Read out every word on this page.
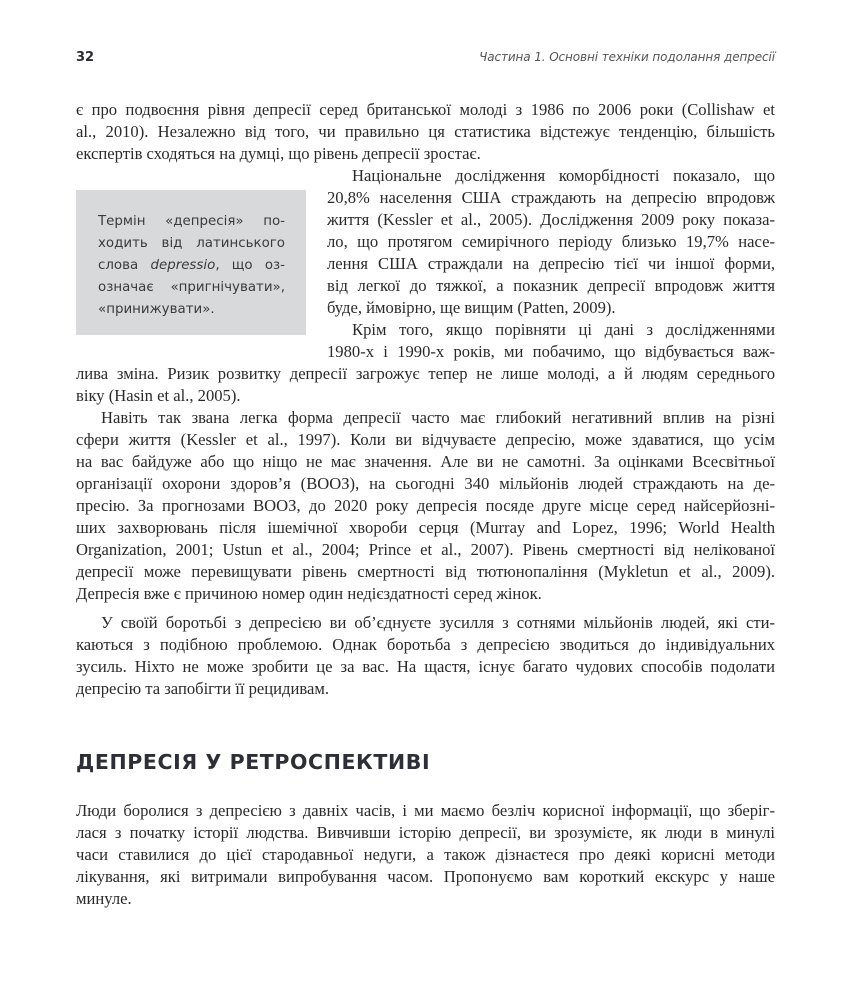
32	Частина 1. Основні техніки подолання депресії
є про подвоєння рівня депресії серед британської молоді з 1986 по 2006 роки (Collishaw et
al., 2010). Незалежно від того, чи правильно ця статистика відстежує тенденцію, більшість
експертів сходяться на думці, що рівень депресії зростає.
Термін «депресія» по-
ходить від латинського
слова depressio, що оз-
означає «пригнічувати»,
«принижувати».
Національне дослідження коморбідності показало, що
20,8% населення США страждають на депресію впродовж
життя (Kessler et al., 2005). Дослідження 2009 року показа-
ло, що протягом семирічного періоду близько 19,7% насе-
лення США страждали на депресію тієї чи іншої форми,
від легкої до тяжкої, а показник депресії впродовж життя
буде, ймовірно, ще вищим (Patten, 2009).
Крім того, якщо порівняти ці дані з дослідженнями
1980-х і 1990-х років, ми побачимо, що відбувається важ-
лива зміна. Ризик розвитку депресії загрожує тепер не лише молоді, а й людям середнього
віку (Hasin et al., 2005).
Навіть так звана легка форма депресії часто має глибокий негативний вплив на різні
сфери життя (Kessler et al., 1997). Коли ви відчуваєте депресію, може здаватися, що усім
на вас байдуже або що ніщо не має значення. Але ви не самотні. За оцінками Всесвітньої
організації охорони здоров’я (ВООЗ), на сьогодні 340 мільйонів людей страждають на де-
пресію. За прогнозами ВООЗ, до 2020 року депресія посяде друге місце серед найсерйозні-
ших захворювань після ішемічної хвороби серця (Murray and Lopez, 1996; World Health
Organization, 2001; Ustun et al., 2004; Prince et al., 2007). Рівень смертності від нелікованої
депресії може перевищувати рівень смертності від тютюнопаління (Mykletun et al., 2009).
Депресія вже є причиною номер один недієздатності серед жінок.
У своїй боротьбі з депресією ви об’єднуєте зусилля з сотнями мільйонів людей, які сти-
каються з подібною проблемою. Однак боротьба з депресією зводиться до індивідуальних
зусиль. Ніхто не може зробити це за вас. На щастя, існує багато чудових способів подолати
депресію та запобігти її рецидивам.
ДЕПРЕСІЯ У РЕТРОСПЕКТИВІ
Люди боролися з депресією з давніх часів, і ми маємо безліч корисної інформації, що зберіг-
лася з початку історії людства. Вивчивши історію депресії, ви зрозумієте, як люди в минулі
часи ставилися до цієї стародавньої недуги, а також дізнаєтеся про деякі корисні методи
лікування, які витримали випробування часом. Пропонуємо вам короткий екскурс у наше
минуле.
